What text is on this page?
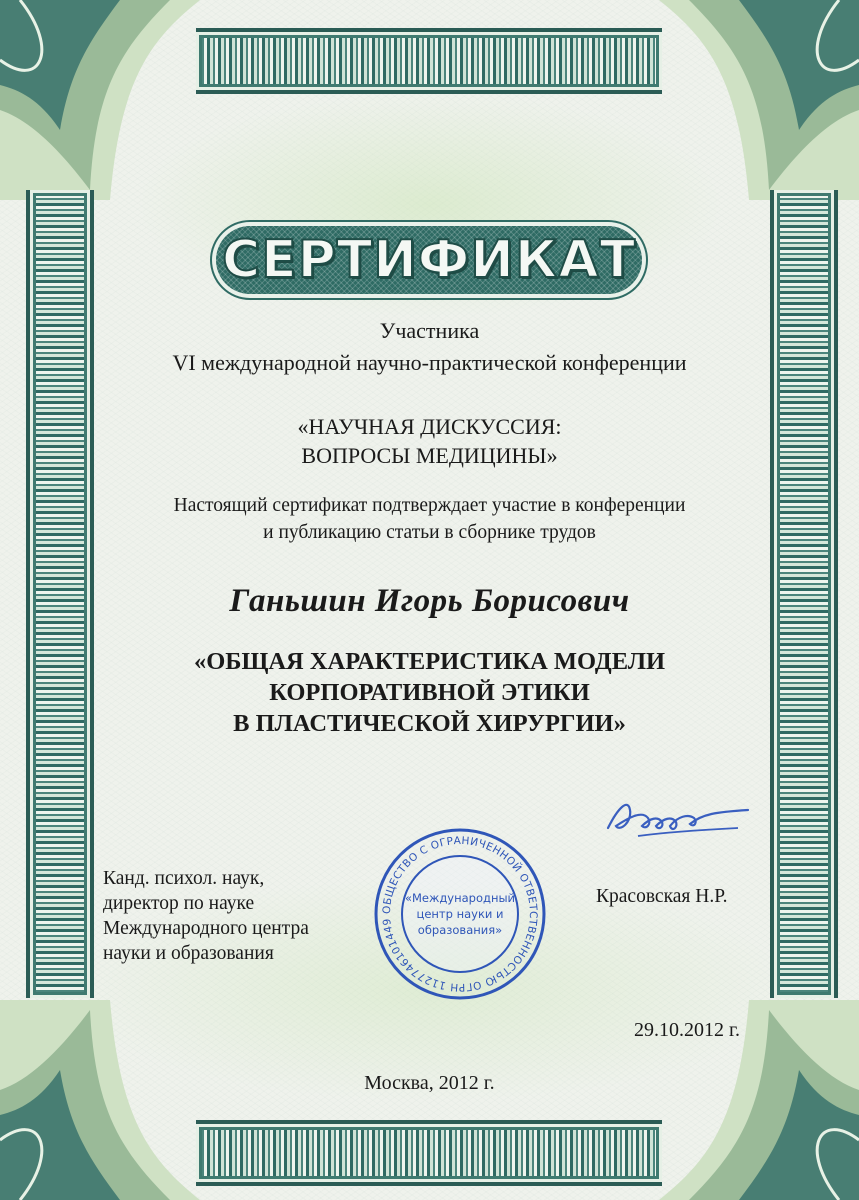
СЕРТИФИКАТ
Участника
VI международной научно-практической конференции
«НАУЧНАЯ ДИСКУССИЯ:
ВОПРОСЫ МЕДИЦИНЫ»
Настоящий сертификат подтверждает участие в конференции
и публикацию статьи в сборнике трудов
Ганьшин Игорь Борисович
«ОБЩАЯ ХАРАКТЕРИСТИКА МОДЕЛИ
КОРПОРАТИВНОЙ ЭТИКИ
В ПЛАСТИЧЕСКОЙ ХИРУРГИИ»
Канд. психол. наук,
директор по науке
Международного центра
науки и образования
Красовская Н.Р.
ОБЩЕСТВО С ОГРАНИЧЕННОЙ ОТВЕТСТВЕННОСТЬЮ ОГРН 1127746101449
«Международный
центр науки и
образования»
29.10.2012 г.
Москва, 2012 г.
